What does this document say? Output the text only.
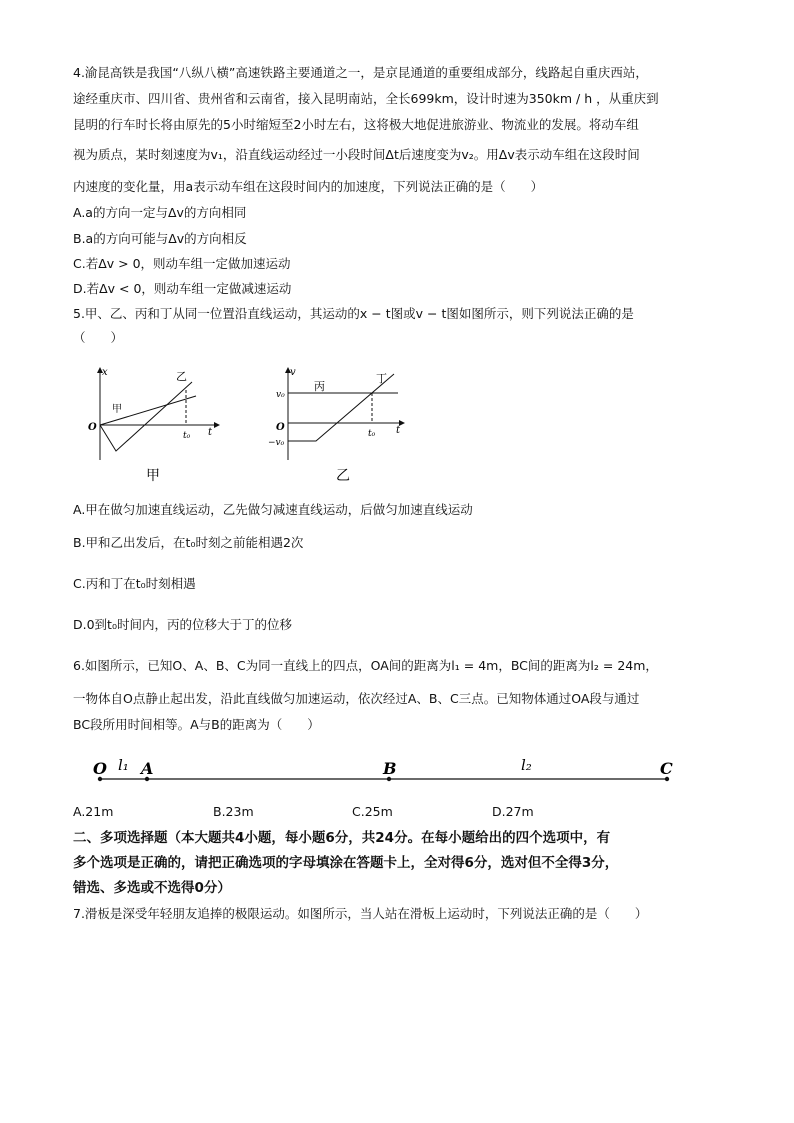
4.渝昆高铁是我国“八纵八横”高速铁路主要通道之一，是京昆通道的重要组成部分，线路起自重庆西站，
途经重庆市、四川省、贵州省和云南省，接入昆明南站，全长699km，设计时速为350km / h ，从重庆到
昆明的行车时长将由原先的5小时缩短至2小时左右，这将极大地促进旅游业、物流业的发展。将动车组
视为质点，某时刻速度为v₁，沿直线运动经过一小段时间Δt后速度变为v₂。用Δv表示动车组在这段时间
内速度的变化量，用a表示动车组在这段时间内的加速度，下列说法正确的是（　　）
A.a的方向一定与Δv的方向相同
B.a的方向可能与Δv的方向相反
C.若Δv > 0，则动车组一定做加速运动
D.若Δv < 0，则动车组一定做减速运动
5.甲、乙、丙和丁从同一位置沿直线运动，其运动的x − t图或v − t图如图所示，则下列说法正确的是
（　　）
x
t
O
t₀
甲
乙
甲
v
t
O
v₀
−v₀
t₀
丙
丁
乙
A.甲在做匀加速直线运动，乙先做匀减速直线运动，后做匀加速直线运动
B.甲和乙出发后，在t₀时刻之前能相遇2次
C.丙和丁在t₀时刻相遇
D.0到t₀时间内，丙的位移大于丁的位移
6.如图所示，已知O、A、B、C为同一直线上的四点，OA间的距离为l₁ = 4m，BC间的距离为l₂ = 24m，
一物体自O点静止起出发，沿此直线做匀加速运动，依次经过A、B、C三点。已知物体通过OA段与通过
BC段所用时间相等。A与B的距离为（　　）
O A	B	C
l₁	l₂
A.21m	B.23m	C.25m	D.27m
二、多项选择题（本大题共4小题，每小题6分，共24分。在每小题给出的四个选项中，有
多个选项是正确的，请把正确选项的字母填涂在答题卡上，全对得6分，选对但不全得3分，
错选、多选或不选得0分）
7.滑板是深受年轻朋友追捧的极限运动。如图所示，当人站在滑板上运动时，下列说法正确的是（　　）
